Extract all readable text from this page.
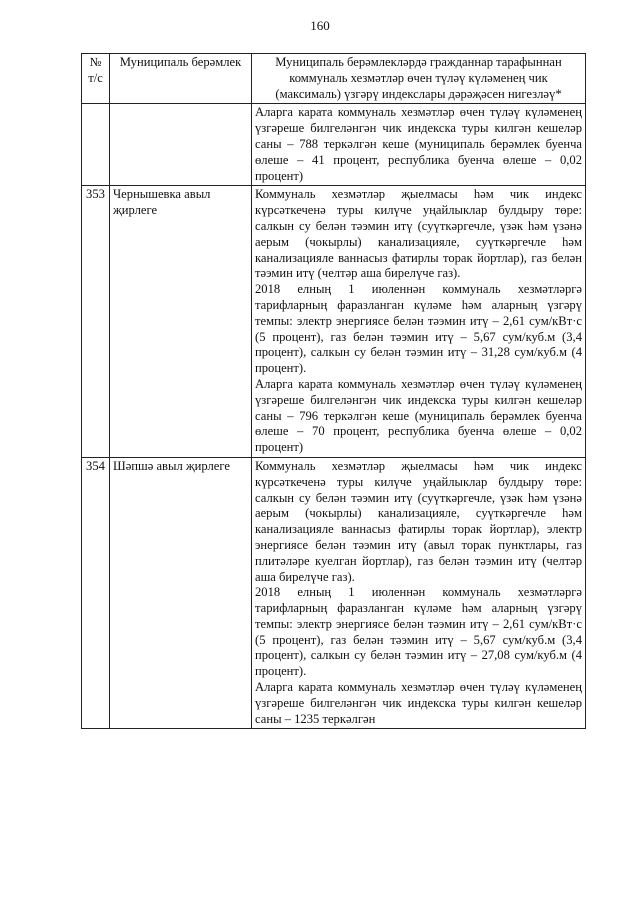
160
№
т/с	Муниципаль берәмлек	Муниципаль берәмлекләрдә гражданнар тарафыннан коммуналь хезмәтләр өчен түләү күләменең чик (максималь) үзгәрү индекслары дәрәҗәсен нигезләү*

		Аларга карата коммуналь хезмәтләр өчен түләү күләменең үзгәреше билгеләнгән чик индекска туры килгән кешеләр саны – 788 теркәлгән кеше (муниципаль берәмлек буенча өлеше – 41 процент, республика буенча өлеше – 0,02 процент)

353	Чернышевка авыл җирлеге	Коммуналь хезмәтләр җыелмасы һәм чик индекс күрсәткеченә туры килүче уңайлыклар булдыру төре: салкын су белән тәэмин итү (суүткәргечле, үзәк һәм үзәнә аерым (чокырлы) канализацияле, суүткәргечле һәм канализацияле ваннасыз фатирлы торак йортлар), газ белән тәэмин итү (челтәр аша бирелүче газ).

2018 елның 1 июленнән коммуналь хезмәтләргә тарифларның фаразланган күләме һәм аларның үзгәрү темпы: электр энергиясе белән тәэмин итү – 2,61 сум/кВт·с (5 процент), газ белән тәэмин итү – 5,67 сум/куб.м (3,4 процент), салкын су белән тәэмин итү – 31,28 сум/куб.м (4 процент).

Аларга карата коммуналь хезмәтләр өчен түләү күләменең үзгәреше билгеләнгән чик индекска туры килгән кешеләр саны – 796 теркәлгән кеше (муниципаль берәмлек буенча өлеше – 70 процент, республика буенча өлеше – 0,02 процент)

354	Шәпшә авыл җирлеге	Коммуналь хезмәтләр җыелмасы һәм чик индекс күрсәткеченә туры килүче уңайлыклар булдыру төре: салкын су белән тәэмин итү (суүткәргечле, үзәк һәм үзәнә аерым (чокырлы) канализацияле, суүткәргечле һәм канализацияле ваннасыз фатирлы торак йортлар), электр энергиясе белән тәэмин итү (авыл торак пунктлары, газ плитәләре куелган йортлар), газ белән тәэмин итү (челтәр аша бирелүче газ).

2018 елның 1 июленнән коммуналь хезмәтләргә тарифларның фаразланган күләме һәм аларның үзгәрү темпы: электр энергиясе белән тәэмин итү – 2,61 сум/кВт·с (5 процент), газ белән тәэмин итү – 5,67 сум/куб.м (3,4 процент), салкын су белән тәэмин итү – 27,08 сум/куб.м (4 процент).

Аларга карата коммуналь хезмәтләр өчен түләү күләменең үзгәреше билгеләнгән чик индекска туры килгән кешеләр саны – 1235 теркәлгән
